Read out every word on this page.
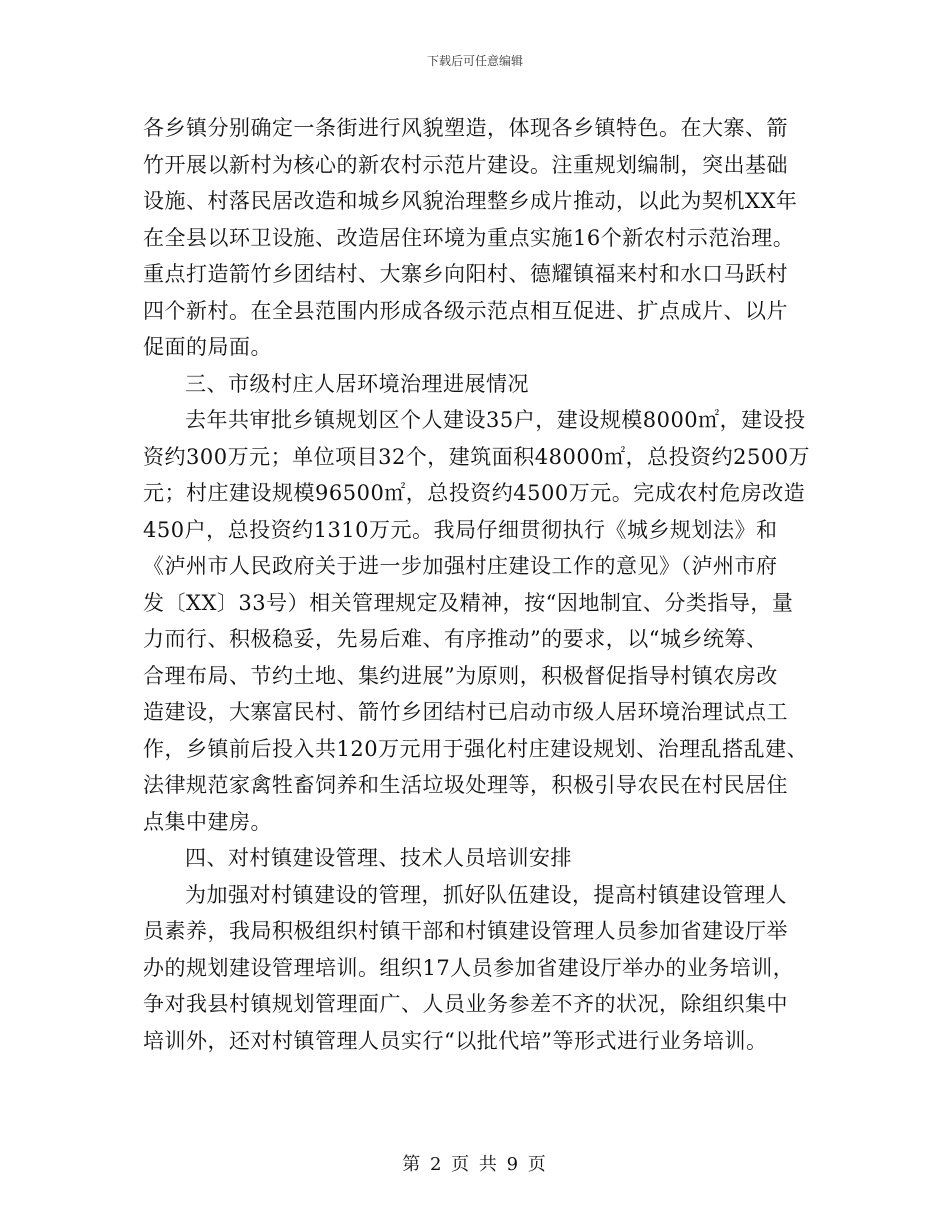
下载后可任意编辑
各乡镇分别确定一条街进行风貌塑造，体现各乡镇特色。在大寨、箭
竹开展以新村为核心的新农村示范片建设。注重规划编制，突出基础
设施、村落民居改造和城乡风貌治理整乡成片推动，以此为契机XX年
在全县以环卫设施、改造居住环境为重点实施16个新农村示范治理。
重点打造箭竹乡团结村、大寨乡向阳村、德耀镇福来村和水口马跃村
四个新村。在全县范围内形成各级示范点相互促进、扩点成片、以片
促面的局面。
三、市级村庄人居环境治理进展情况
去年共审批乡镇规划区个人建设35户，建设规模8000㎡，建设投
资约300万元；单位项目32个，建筑面积48000㎡，总投资约2500万
元；村庄建设规模96500㎡，总投资约4500万元。完成农村危房改造
450户，总投资约1310万元。我局仔细贯彻执行《城乡规划法》和
《泸州市人民政府关于进一步加强村庄建设工作的意见》（泸州市府
发〔XX〕33号）相关管理规定及精神，按“因地制宜、分类指导，量
力而行、积极稳妥，先易后难、有序推动”的要求，以“城乡统筹、
合理布局、节约土地、集约进展”为原则，积极督促指导村镇农房改
造建设，大寨富民村、箭竹乡团结村已启动市级人居环境治理试点工
作，乡镇前后投入共120万元用于强化村庄建设规划、治理乱搭乱建、
法律规范家禽牲畜饲养和生活垃圾处理等，积极引导农民在村民居住
点集中建房。
四、对村镇建设管理、技术人员培训安排
为加强对村镇建设的管理，抓好队伍建设，提高村镇建设管理人
员素养，我局积极组织村镇干部和村镇建设管理人员参加省建设厅举
办的规划建设管理培训。组织17人员参加省建设厅举办的业务培训，
争对我县村镇规划管理面广、人员业务参差不齐的状况，除组织集中
培训外，还对村镇管理人员实行“以批代培”等形式进行业务培训。
第 2 页 共 9 页
